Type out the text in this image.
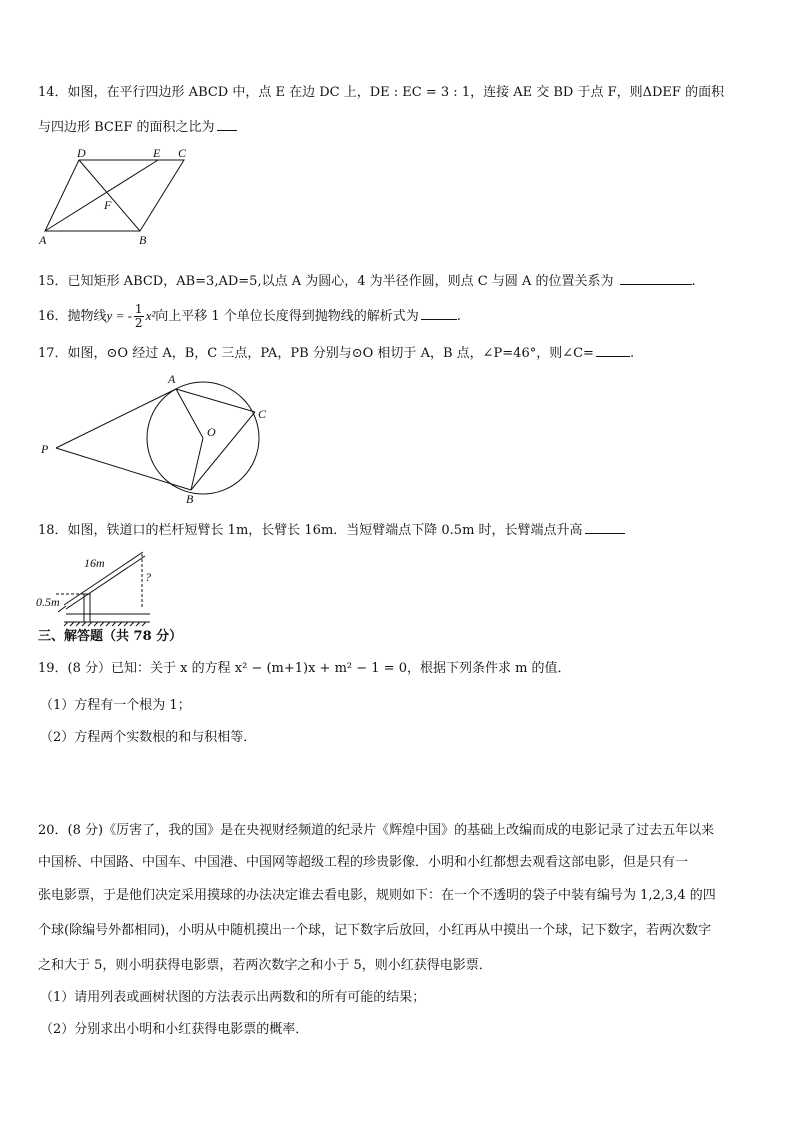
14．如图，在平行四边形 ABCD 中，点 E 在边 DC 上，DE : EC = 3 : 1，连接 AE 交 BD 于点 F，则ΔDEF 的面积
与四边形 BCEF 的面积之比为
D	E C
F
A	B
15．已知矩形 ABCD，AB=3,AD=5,以点 A 为圆心，4 为半径作圆，则点 C 与圆 A 的位置关系为	.
16．抛物线y = - $\frac{1}{2} x^2$向上平移 1 个单位长度得到抛物线的解析式为	.
17．如图，⊙O 经过 A，B，C 三点，PA，PB 分别与⊙O 相切于 A，B 点，∠P=46°，则∠C=	.
A
C
O
P
B
18．如图，铁道口的栏杆短臂长 1m，长臂长 16m．当短臂端点下降 0.5m 时，长臂端点升高
16m
?
0.5m
三、解答题（共 78 分）
19．(8 分）已知：关于 x 的方程 x² − (m+1)x + m² − 1 = 0，根据下列条件求 m 的值．
（1）方程有一个根为 1；
（2）方程两个实数根的和与积相等．
20．(8 分)《厉害了，我的国》是在央视财经频道的纪录片《辉煌中国》的基础上改编而成的电影记录了过去五年以来
中国桥、中国路、中国车、中国港、中国网等超级工程的珍贵影像．小明和小红都想去观看这部电影，但是只有一
张电影票，于是他们决定采用摸球的办法决定谁去看电影，规则如下：在一个不透明的袋子中装有编号为 1,2,3,4 的四
个球(除编号外都相同)，小明从中随机摸出一个球，记下数字后放回，小红再从中摸出一个球，记下数字，若两次数字
之和大于 5，则小明获得电影票，若两次数字之和小于 5，则小红获得电影票．
（1）请用列表或画树状图的方法表示出两数和的所有可能的结果；
（2）分别求出小明和小红获得电影票的概率．
